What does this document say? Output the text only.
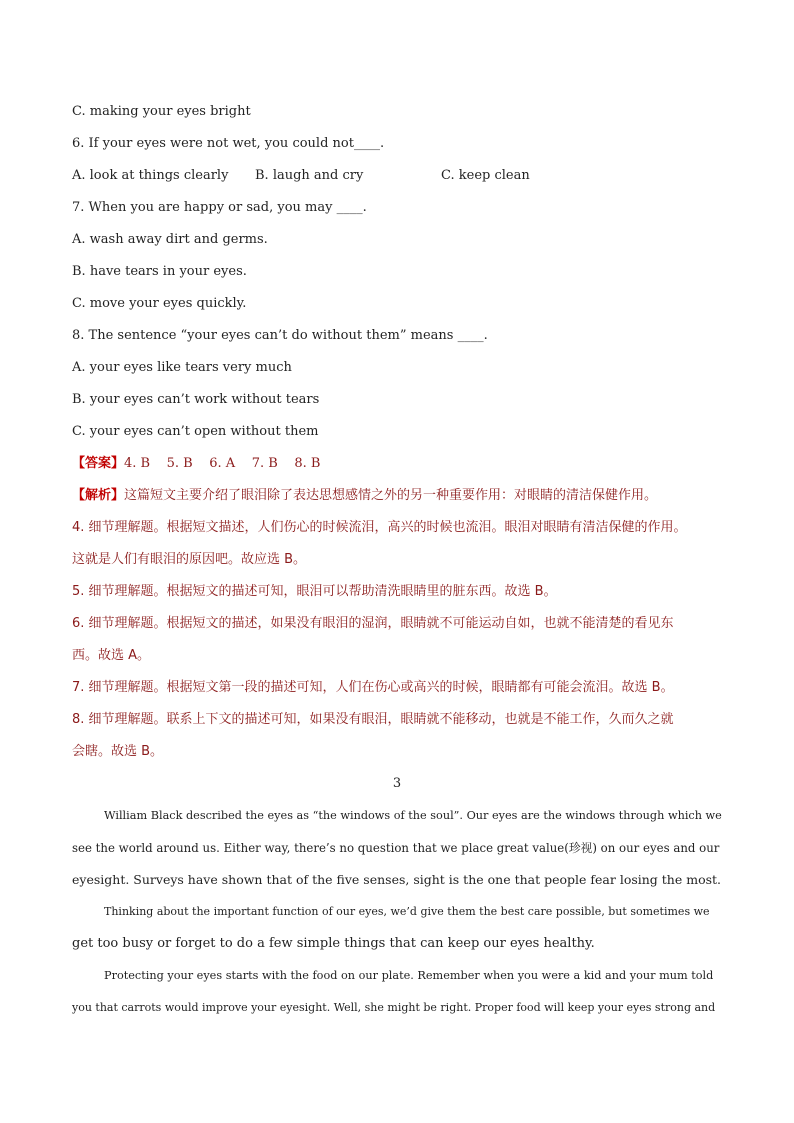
C. making your eyes bright
6. If your eyes were not wet, you could not____.
A. look at things clearly	B. laugh and cry	C. keep clean
7. When you are happy or sad, you may ____.
A. wash away dirt and germs.
B. have tears in your eyes.
C. move your eyes quickly.
8. The sentence “your eyes can’t do without them” means ____.
A. your eyes like tears very much
B. your eyes can’t work without tears
C. your eyes can’t open without them
【答案】4. B    5. B    6. A    7. B    8. B
【解析】这篇短文主要介绍了眼泪除了表达思想感情之外的另一种重要作用：对眼睛的清洁保健作用。
4. 细节理解题。根据短文描述，人们伤心的时候流泪，高兴的时候也流泪。眼泪对眼睛有清洁保健的作用。
这就是人们有眼泪的原因吧。故应选 B。
5. 细节理解题。根据短文的描述可知，眼泪可以帮助清洗眼睛里的脏东西。故选 B。
6. 细节理解题。根据短文的描述，如果没有眼泪的湿润，眼睛就不可能运动自如，也就不能清楚的看见东
西。故选 A。
7. 细节理解题。根据短文第一段的描述可知，人们在伤心或高兴的时候，眼睛都有可能会流泪。故选 B。
8. 细节理解题。联系上下文的描述可知，如果没有眼泪，眼睛就不能移动，也就是不能工作，久而久之就
会瞎。故选 B。
3
William Black described the eyes as “the windows of the soul”. Our eyes are the windows through which we
see the world around us. Either way, there’s no question that we place great value(珍视) on our eyes and our
eyesight. Surveys have shown that of the five senses, sight is the one that people fear losing the most.
Thinking about the important function of our eyes, we’d give them the best care possible, but sometimes we
get too busy or forget to do a few simple things that can keep our eyes healthy.
Protecting your eyes starts with the food on our plate. Remember when you were a kid and your mum told
you that carrots would improve your eyesight. Well, she might be right. Proper food will keep your eyes strong and
